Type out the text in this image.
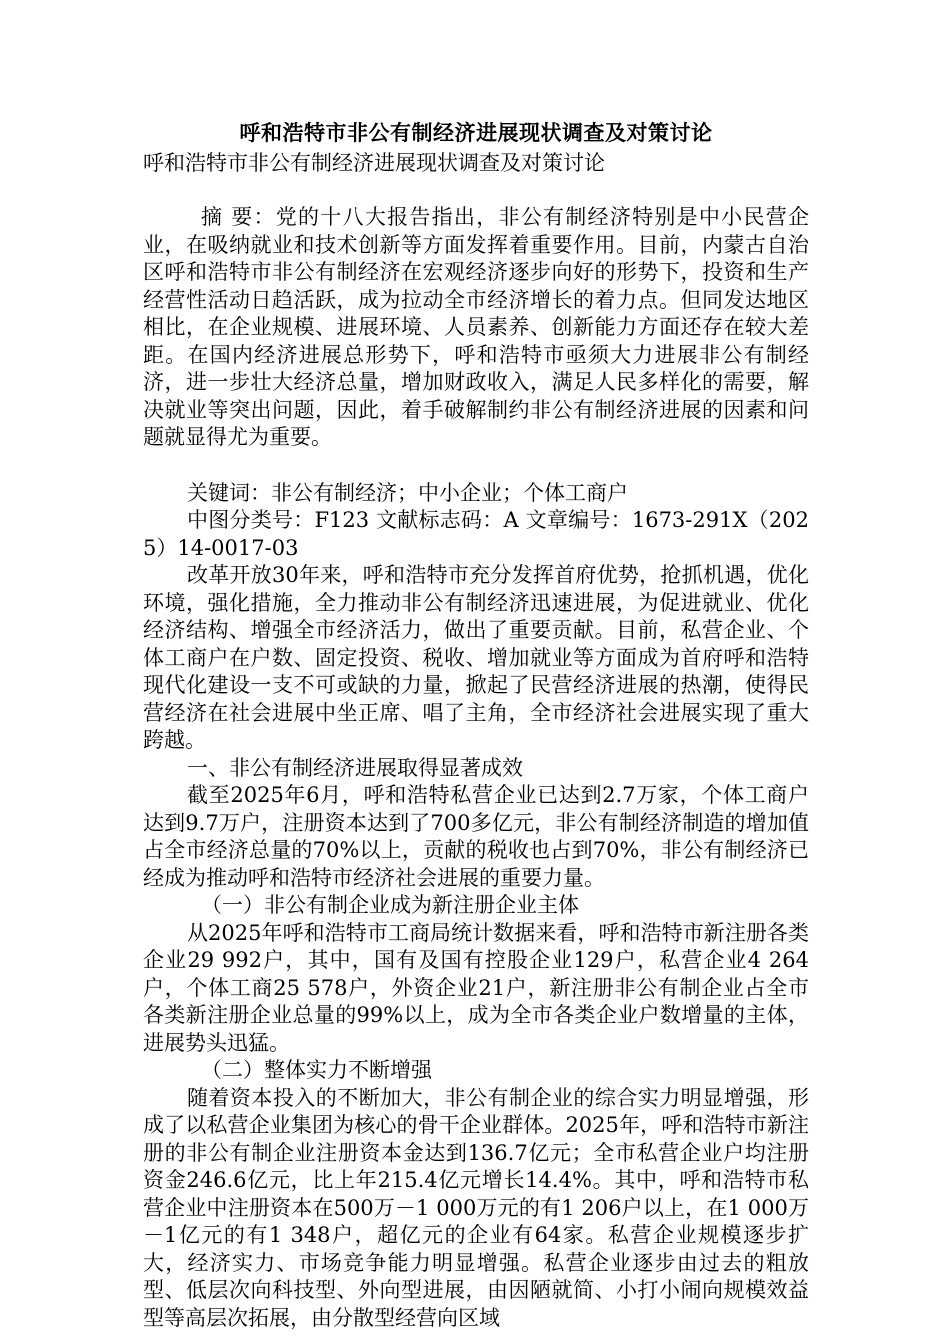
呼和浩特市非公有制经济进展现状调查及对策讨论
呼和浩特市非公有制经济进展现状调查及对策讨论

摘 要：党的十八大报告指出，非公有制经济特别是中小民营企业，在吸纳就业和技术创新等方面发挥着重要作用。目前，内蒙古自治区呼和浩特市非公有制经济在宏观经济逐步向好的形势下，投资和生产经营性活动日趋活跃，成为拉动全市经济增长的着力点。但同发达地区相比，在企业规模、进展环境、人员素养、创新能力方面还存在较大差距。在国内经济进展总形势下，呼和浩特市亟须大力进展非公有制经济，进一步壮大经济总量，增加财政收入，满足人民多样化的需要，解决就业等突出问题，因此，着手破解制约非公有制经济进展的因素和问题就显得尤为重要。

关键词：非公有制经济；中小企业；个体工商户

中图分类号：F123 文献标志码：A 文章编号：1673-291X（2025）14-0017-03

改革开放30年来，呼和浩特市充分发挥首府优势，抢抓机遇，优化环境，强化措施，全力推动非公有制经济迅速进展，为促进就业、优化经济结构、增强全市经济活力，做出了重要贡献。目前，私营企业、个体工商户在户数、固定投资、税收、增加就业等方面成为首府呼和浩特现代化建设一支不可或缺的力量，掀起了民营经济进展的热潮，使得民营经济在社会进展中坐正席、唱了主角，全市经济社会进展实现了重大跨越。

一、非公有制经济进展取得显著成效

截至2025年6月，呼和浩特私营企业已达到2.7万家，个体工商户达到9.7万户，注册资本达到了700多亿元，非公有制经济制造的增加值占全市经济总量的70%以上，贡献的税收也占到70%，非公有制经济已经成为推动呼和浩特市经济社会进展的重要力量。

（一）非公有制企业成为新注册企业主体

从2025年呼和浩特市工商局统计数据来看，呼和浩特市新注册各类企业29 992户，其中，国有及国有控股企业129户，私营企业4 264户，个体工商25 578户，外资企业21户，新注册非公有制企业占全市各类新注册企业总量的99%以上，成为全市各类企业户数增量的主体，进展势头迅猛。

（二）整体实力不断增强

随着资本投入的不断加大，非公有制企业的综合实力明显增强，形成了以私营企业集团为核心的骨干企业群体。2025年，呼和浩特市新注册的非公有制企业注册资本金达到136.7亿元；全市私营企业户均注册资金246.6亿元，比上年215.4亿元增长14.4%。其中，呼和浩特市私营企业中注册资本在500万－1 000万元的有1 206户以上，在1 000万－1亿元的有1 348户，超亿元的企业有64家。私营企业规模逐步扩大，经济实力、市场竞争能力明显增强。私营企业逐步由过去的粗放型、低层次向科技型、外向型进展，由因陋就简、小打小闹向规模效益型等高层次拓展，由分散型经营向区域
